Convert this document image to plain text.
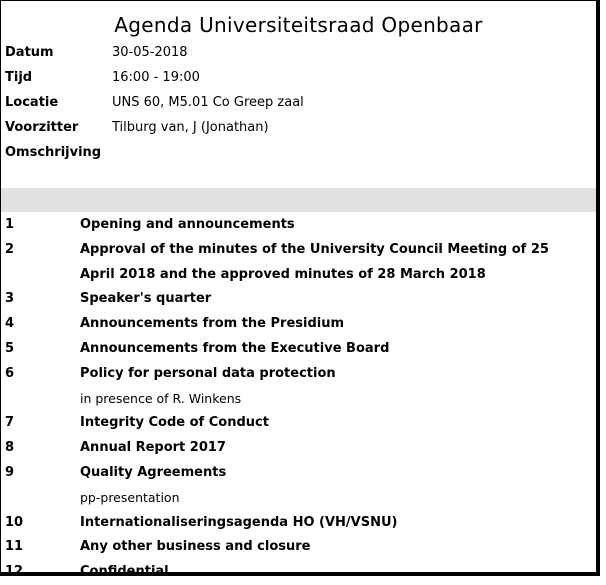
Agenda Universiteitsraad Openbaar
Datum	30-05-2018
Tijd	16:00 - 19:00
Locatie	UNS 60, M5.01 Co Greep zaal
Voorzitter	Tilburg van, J (Jonathan)
Omschrijving
1	Opening and announcements
2	Approval of the minutes of the University Council Meeting of 25 April 2018 and the approved minutes of 28 March 2018
3	Speaker's quarter
4	Announcements from the Presidium
5	Announcements from the Executive Board
6	Policy for personal data protection
in presence of R. Winkens
7	Integrity Code of Conduct
8	Annual Report 2017
9	Quality Agreements
pp-presentation
10	Internationaliseringsagenda HO (VH/VSNU)
11	Any other business and closure
12	Confidential
